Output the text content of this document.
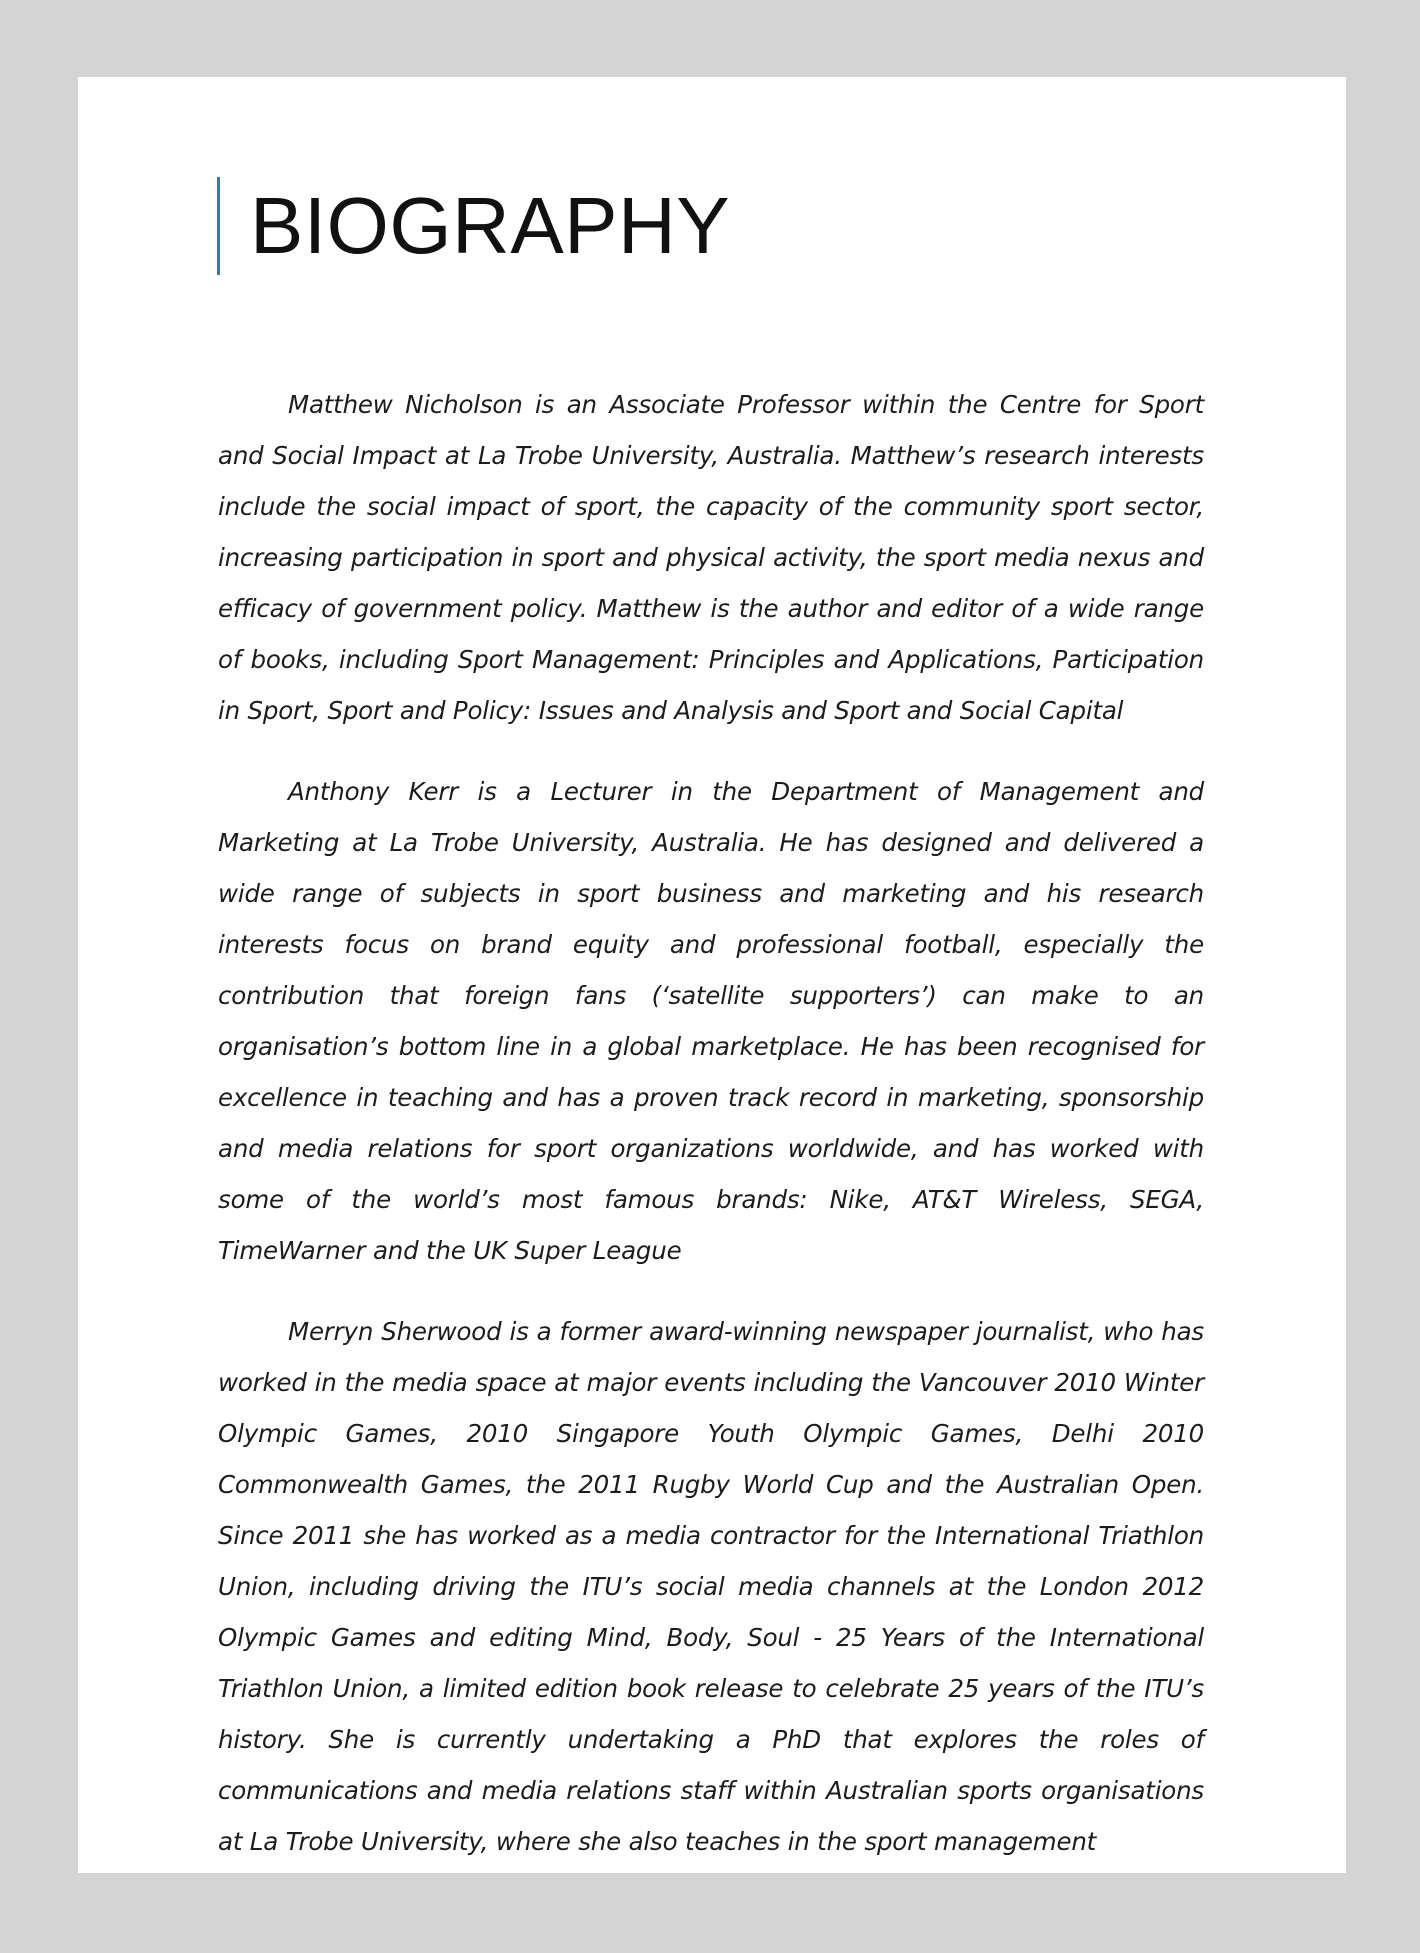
BIOGRAPHY

Matthew Nicholson is an Associate Professor within the Centre for Sport and Social Impact at La Trobe University, Australia. Matthew’s research interests include the social impact of sport, the capacity of the community sport sector, increasing participation in sport and physical activity, the sport media nexus and efficacy of government policy. Matthew is the author and editor of a wide range of books, including Sport Management: Principles and Applications, Participation in Sport, Sport and Policy: Issues and Analysis and Sport and Social Capital

Anthony Kerr is a Lecturer in the Department of Management and Marketing at La Trobe University, Australia. He has designed and delivered a wide range of subjects in sport business and marketing and his research interests focus on brand equity and professional football, especially the contribution that foreign fans (‘satellite supporters’) can make to an organisation’s bottom line in a global marketplace. He has been recognised for excellence in teaching and has a proven track record in marketing, sponsorship and media relations for sport organizations worldwide, and has worked with some of the world’s most famous brands: Nike, AT&T Wireless, SEGA, TimeWarner and the UK Super League

Merryn Sherwood is a former award-winning newspaper journalist, who has worked in the media space at major events including the Vancouver 2010 Winter Olympic Games, 2010 Singapore Youth Olympic Games, Delhi 2010 Commonwealth Games, the 2011 Rugby World Cup and the Australian Open. Since 2011 she has worked as a media contractor for the International Triathlon Union, including driving the ITU’s social media channels at the London 2012 Olympic Games and editing Mind, Body, Soul - 25 Years of the International Triathlon Union, a limited edition book release to celebrate 25 years of the ITU’s history. She is currently undertaking a PhD that explores the roles of communications and media relations staff within Australian sports organisations at La Trobe University, where she also teaches in the sport management
